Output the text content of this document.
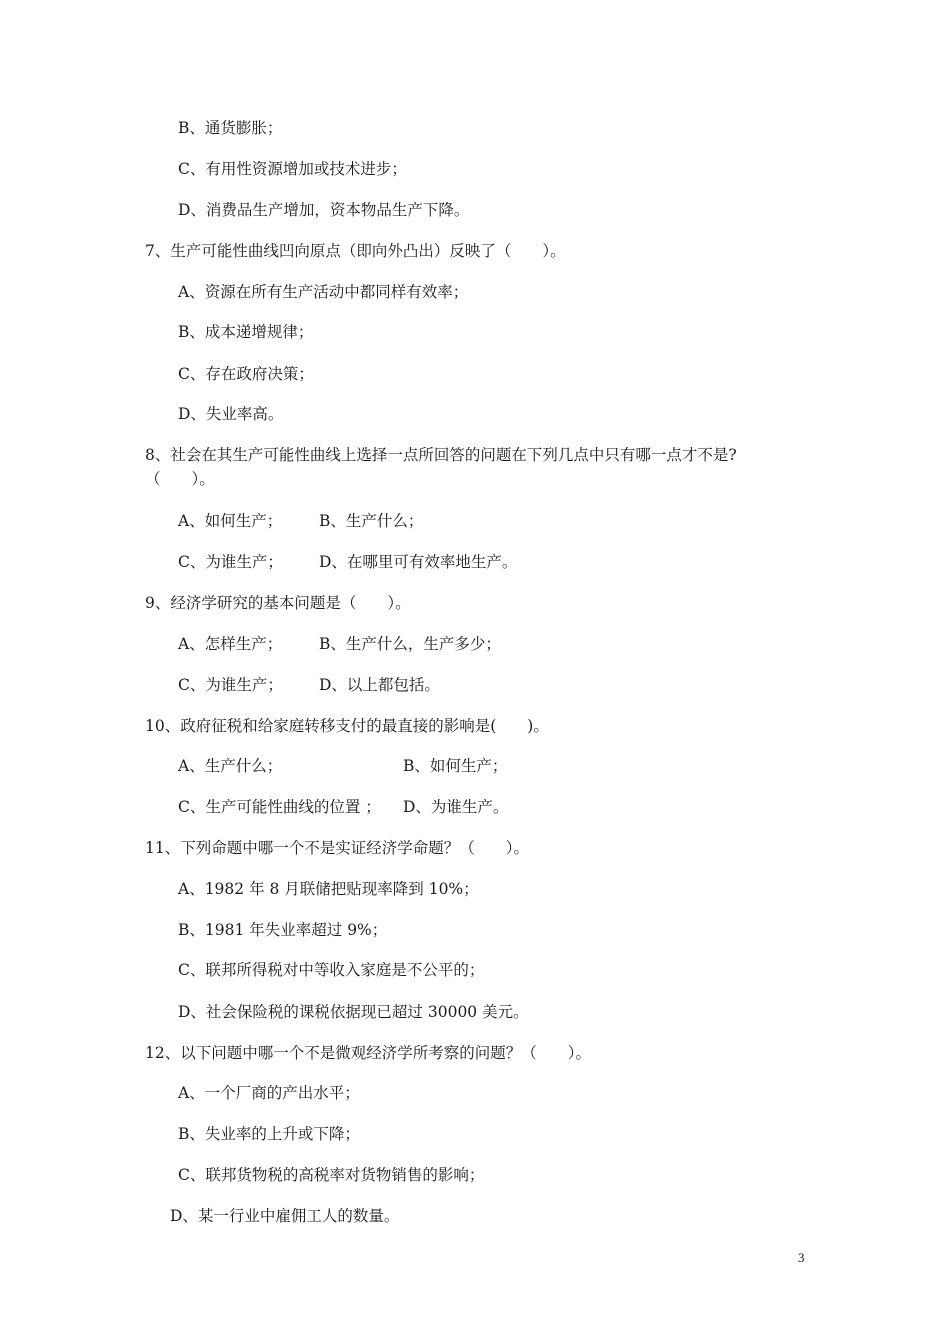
B、通货膨胀；
C、有用性资源增加或技术进步；
D、消费品生产增加，资本物品生产下降。
7、生产可能性曲线凹向原点（即向外凸出）反映了（　　）。
A、资源在所有生产活动中都同样有效率；
B、成本递增规律；
C、存在政府决策；
D、失业率高。
8、社会在其生产可能性曲线上选择一点所回答的问题在下列几点中只有哪一点才不是?
（　　）。
A、如何生产； B、生产什么；
C、为谁生产； D、在哪里可有效率地生产。
9、经济学研究的基本问题是（　　）。
A、怎样生产； B、生产什么，生产多少；
C、为谁生产； D、以上都包括。
10、政府征税和给家庭转移支付的最直接的影响是(　　)。
A、生产什么；	B、如何生产；
C、生产可能性曲线的位置 ； D、为谁生产。
11、下列命题中哪一个不是实证经济学命题？（　　）。
A、1982 年 8 月联储把贴现率降到 10%；
B、1981 年失业率超过 9%；
C、联邦所得税对中等收入家庭是不公平的；
D、社会保险税的课税依据现已超过 30000 美元。
12、以下问题中哪一个不是微观经济学所考察的问题？（　　）。
A、一个厂商的产出水平；
B、失业率的上升或下降；
C、联邦货物税的高税率对货物销售的影响；
D、某一行业中雇佣工人的数量。
3
